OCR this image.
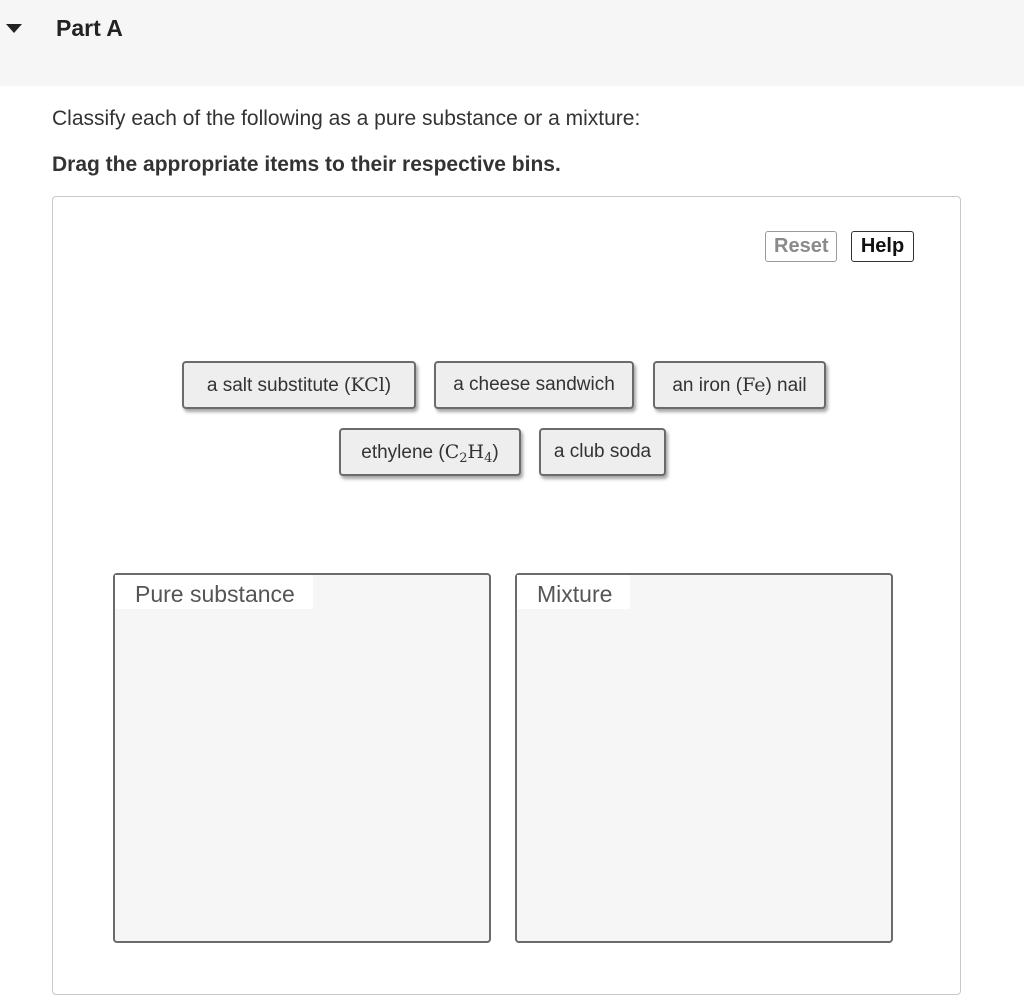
Part A
Classify each of the following as a pure substance or a mixture:
Drag the appropriate items to their respective bins.
Reset	Help
a salt substitute (KCl)	a cheese sandwich	an iron (Fe) nail
ethylene $(C_2H_4)$	a club soda
Pure substance	Mixture
